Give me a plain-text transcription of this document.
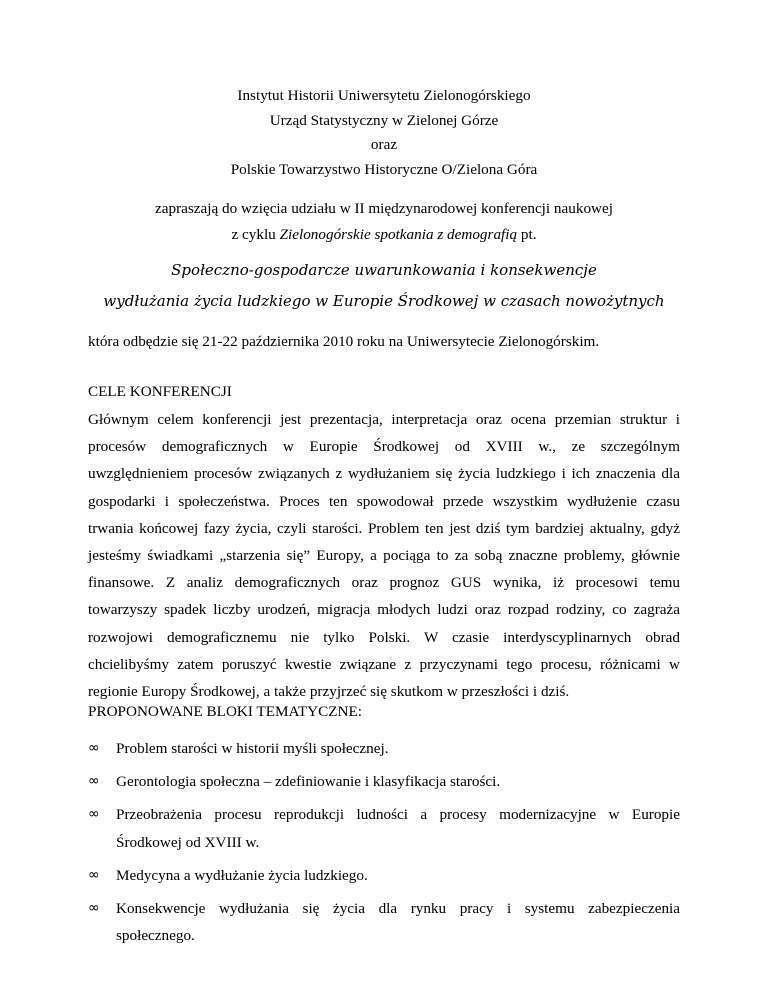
Instytut Historii Uniwersytetu Zielonogórskiego
Urząd Statystyczny w Zielonej Górze
oraz
Polskie Towarzystwo Historyczne O/Zielona Góra
zapraszają do wzięcia udziału w II międzynarodowej konferencji naukowej
z cyklu Zielonogórskie spotkania z demografią pt.
Społeczno-gospodarcze uwarunkowania i konsekwencje
wydłużania życia ludzkiego w Europie Środkowej w czasach nowożytnych
która odbędzie się 21-22 października 2010 roku na Uniwersytecie Zielonogórskim.
CELE KONFERENCJI
Głównym celem konferencji jest prezentacja, interpretacja oraz ocena przemian struktur i
procesów demograficznych w Europie Środkowej od XVIII w., ze szczególnym
uwzględnieniem procesów związanych z wydłużaniem się życia ludzkiego i ich znaczenia dla
gospodarki i społeczeństwa. Proces ten spowodował przede wszystkim wydłużenie czasu
trwania końcowej fazy życia, czyli starości. Problem ten jest dziś tym bardziej aktualny, gdyż
jesteśmy świadkami „starzenia się” Europy, a pociąga to za sobą znaczne problemy, głównie
finansowe. Z analiz demograficznych oraz prognoz GUS wynika, iż procesowi temu
towarzyszy spadek liczby urodzeń, migracja młodych ludzi oraz rozpad rodziny, co zagraża
rozwojowi demograficznemu nie tylko Polski. W czasie interdyscyplinarnych obrad
chcielibyśmy zatem poruszyć kwestie związane z przyczynami tego procesu, różnicami w
regionie Europy Środkowej, a także przyjrzeć się skutkom w przeszłości i dziś.
PROPONOWANE BLOKI TEMATYCZNE:
∞	Problem starości w historii myśli społecznej.
∞	Gerontologia społeczna – zdefiniowanie i klasyfikacja starości.
∞	Przeobrażenia procesu reprodukcji ludności a procesy modernizacyjne w Europie
Środkowej od XVIII w.
∞	Medycyna a wydłużanie życia ludzkiego.
∞	Konsekwencje wydłużania się życia dla rynku pracy i systemu zabezpieczenia
społecznego.
